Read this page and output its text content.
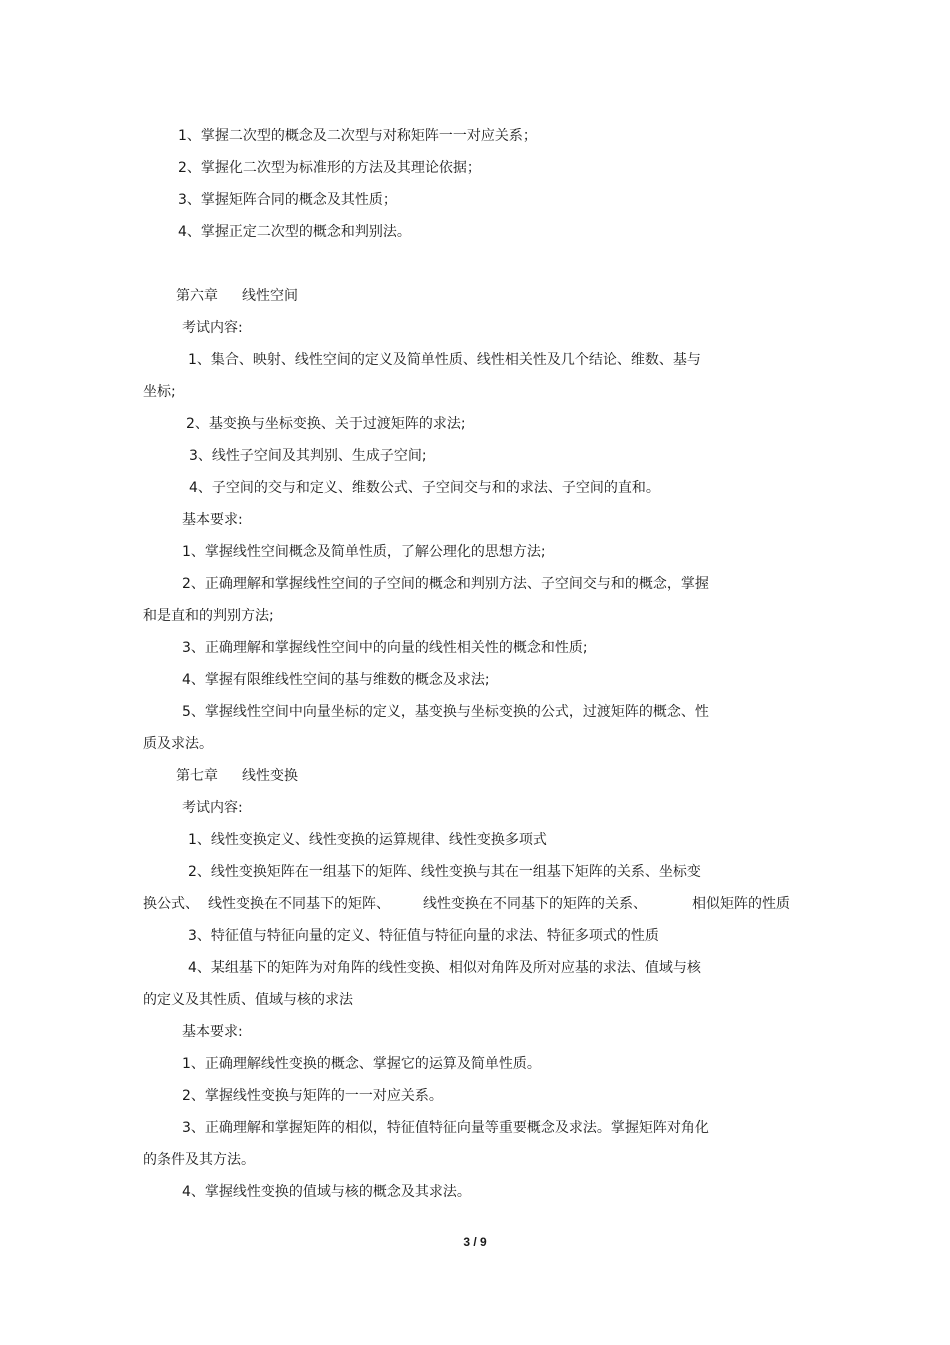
1、掌握二次型的概念及二次型与对称矩阵一一对应关系；
2、掌握化二次型为标准形的方法及其理论依据；
3、掌握矩阵合同的概念及其性质；
4、掌握正定二次型的概念和判别法。
第六章 线性空间
考试内容:
1、集合、映射、线性空间的定义及简单性质、线性相关性及几个结论、维数、基与
坐标;
2、基变换与坐标变换、关于过渡矩阵的求法;
3、线性子空间及其判别、生成子空间;
4、子空间的交与和定义、维数公式、子空间交与和的求法、子空间的直和。
基本要求:
1、掌握线性空间概念及简单性质，了解公理化的思想方法;
2、正确理解和掌握线性空间的子空间的概念和判别方法、子空间交与和的概念，掌握
和是直和的判别方法;
3、正确理解和掌握线性空间中的向量的线性相关性的概念和性质;
4、掌握有限维线性空间的基与维数的概念及求法;
5、掌握线性空间中向量坐标的定义，基变换与坐标变换的公式，过渡矩阵的概念、性
质及求法。
第七章 线性变换
考试内容:
1、线性变换定义、线性变换的运算规律、线性变换多项式
2、线性变换矩阵在一组基下的矩阵、线性变换与其在一组基下矩阵的关系、坐标变
换公式、 线性变换在不同基下的矩阵、 线性变换在不同基下的矩阵的关系、	相似矩阵的性质
3、特征值与特征向量的定义、特征值与特征向量的求法、特征多项式的性质
4、某组基下的矩阵为对角阵的线性变换、相似对角阵及所对应基的求法、值域与核
的定义及其性质、值域与核的求法
基本要求:
1、正确理解线性变换的概念、掌握它的运算及简单性质。
2、掌握线性变换与矩阵的一一对应关系。
3、正确理解和掌握矩阵的相似，特征值特征向量等重要概念及求法。掌握矩阵对角化
的条件及其方法。
4、掌握线性变换的值域与核的概念及其求法。
3 / 9
